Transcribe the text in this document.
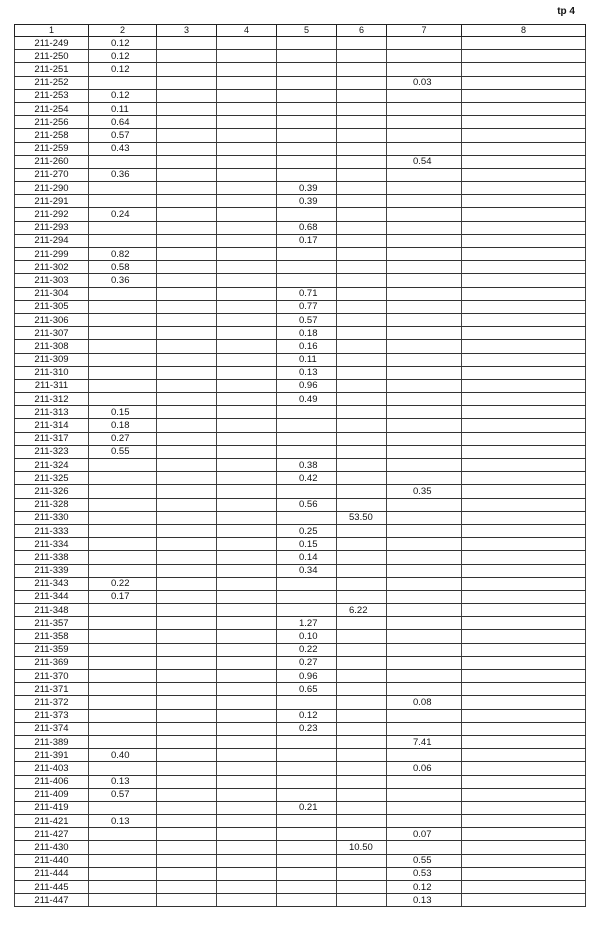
tp 4
1	2	3	4	5	6	7	8
211-249	0.12						
211-250	0.12						
211-251	0.12						
211-252						0.03	
211-253	0.12						
211-254	0.11						
211-256	0.64						
211-258	0.57						
211-259	0.43						
211-260						0.54	
211-270	0.36						
211-290				0.39			
211-291				0.39			
211-292	0.24						
211-293				0.68			
211-294				0.17			
211-299	0.82						
211-302	0.58						
211-303	0.36						
211-304				0.71			
211-305				0.77			
211-306				0.57			
211-307				0.18			
211-308				0.16			
211-309				0.11			
211-310				0.13			
211-311				0.96			
211-312				0.49			
211-313	0.15						
211-314	0.18						
211-317	0.27						
211-323	0.55						
211-324				0.38			
211-325				0.42			
211-326						0.35	
211-328				0.56			
211-330					53.50		
211-333				0.25			
211-334				0.15			
211-338				0.14			
211-339				0.34			
211-343	0.22						
211-344	0.17						
211-348					6.22		
211-357				1.27			
211-358				0.10			
211-359				0.22			
211-369				0.27			
211-370				0.96			
211-371				0.65			
211-372						0.08	
211-373				0.12			
211-374				0.23			
211-389						7.41	
211-391	0.40						
211-403						0.06	
211-406	0.13						
211-409	0.57						
211-419				0.21			
211-421	0.13						
211-427						0.07	
211-430					10.50		
211-440						0.55	
211-444						0.53	
211-445						0.12	
211-447						0.13	
